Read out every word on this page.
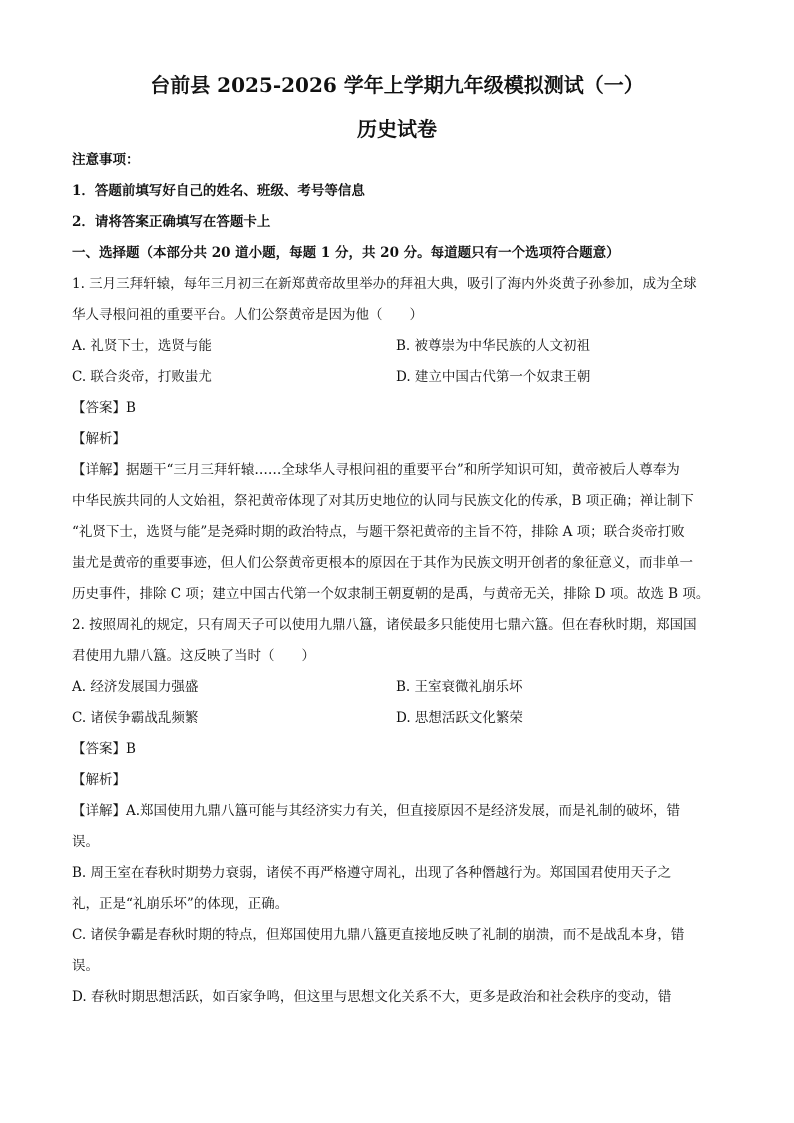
台前县 2025-2026 学年上学期九年级模拟测试（一）
历史试卷
注意事项：
1．答题前填写好自己的姓名、班级、考号等信息
2．请将答案正确填写在答题卡上
一、选择题（本部分共 20 道小题，每题 1 分，共 20 分。每道题只有一个选项符合题意）
1. 三月三拜轩辕，每年三月初三在新郑黄帝故里举办的拜祖大典，吸引了海内外炎黄子孙参加，成为全球
华人寻根问祖的重要平台。人们公祭黄帝是因为他（　　）
A. 礼贤下士，选贤与能	B. 被尊崇为中华民族的人文初祖
C. 联合炎帝，打败蚩尤	D. 建立中国古代第一个奴隶王朝
【答案】B
【解析】
【详解】据题干“三月三拜轩辕……全球华人寻根问祖的重要平台”和所学知识可知，黄帝被后人尊奉为
中华民族共同的人文始祖，祭祀黄帝体现了对其历史地位的认同与民族文化的传承，B 项正确；禅让制下
“礼贤下士，选贤与能”是尧舜时期的政治特点，与题干祭祀黄帝的主旨不符，排除 A 项；联合炎帝打败
蚩尤是黄帝的重要事迹，但人们公祭黄帝更根本的原因在于其作为民族文明开创者的象征意义，而非单一
历史事件，排除 C 项；建立中国古代第一个奴隶制王朝夏朝的是禹，与黄帝无关，排除 D 项。故选 B 项。
2. 按照周礼的规定，只有周天子可以使用九鼎八簋，诸侯最多只能使用七鼎六簋。但在春秋时期，郑国国
君使用九鼎八簋。这反映了当时（　　）
A. 经济发展国力强盛	B. 王室衰微礼崩乐坏
C. 诸侯争霸战乱频繁	D. 思想活跃文化繁荣
【答案】B
【解析】
【详解】A.郑国使用九鼎八簋可能与其经济实力有关，但直接原因不是经济发展，而是礼制的破坏，错
误。
B. 周王室在春秋时期势力衰弱，诸侯不再严格遵守周礼，出现了各种僭越行为。郑国国君使用天子之
礼，正是“礼崩乐坏”的体现，正确。
C. 诸侯争霸是春秋时期的特点，但郑国使用九鼎八簋更直接地反映了礼制的崩溃，而不是战乱本身，错
误。
D. 春秋时期思想活跃，如百家争鸣，但这里与思想文化关系不大，更多是政治和社会秩序的变动，错
